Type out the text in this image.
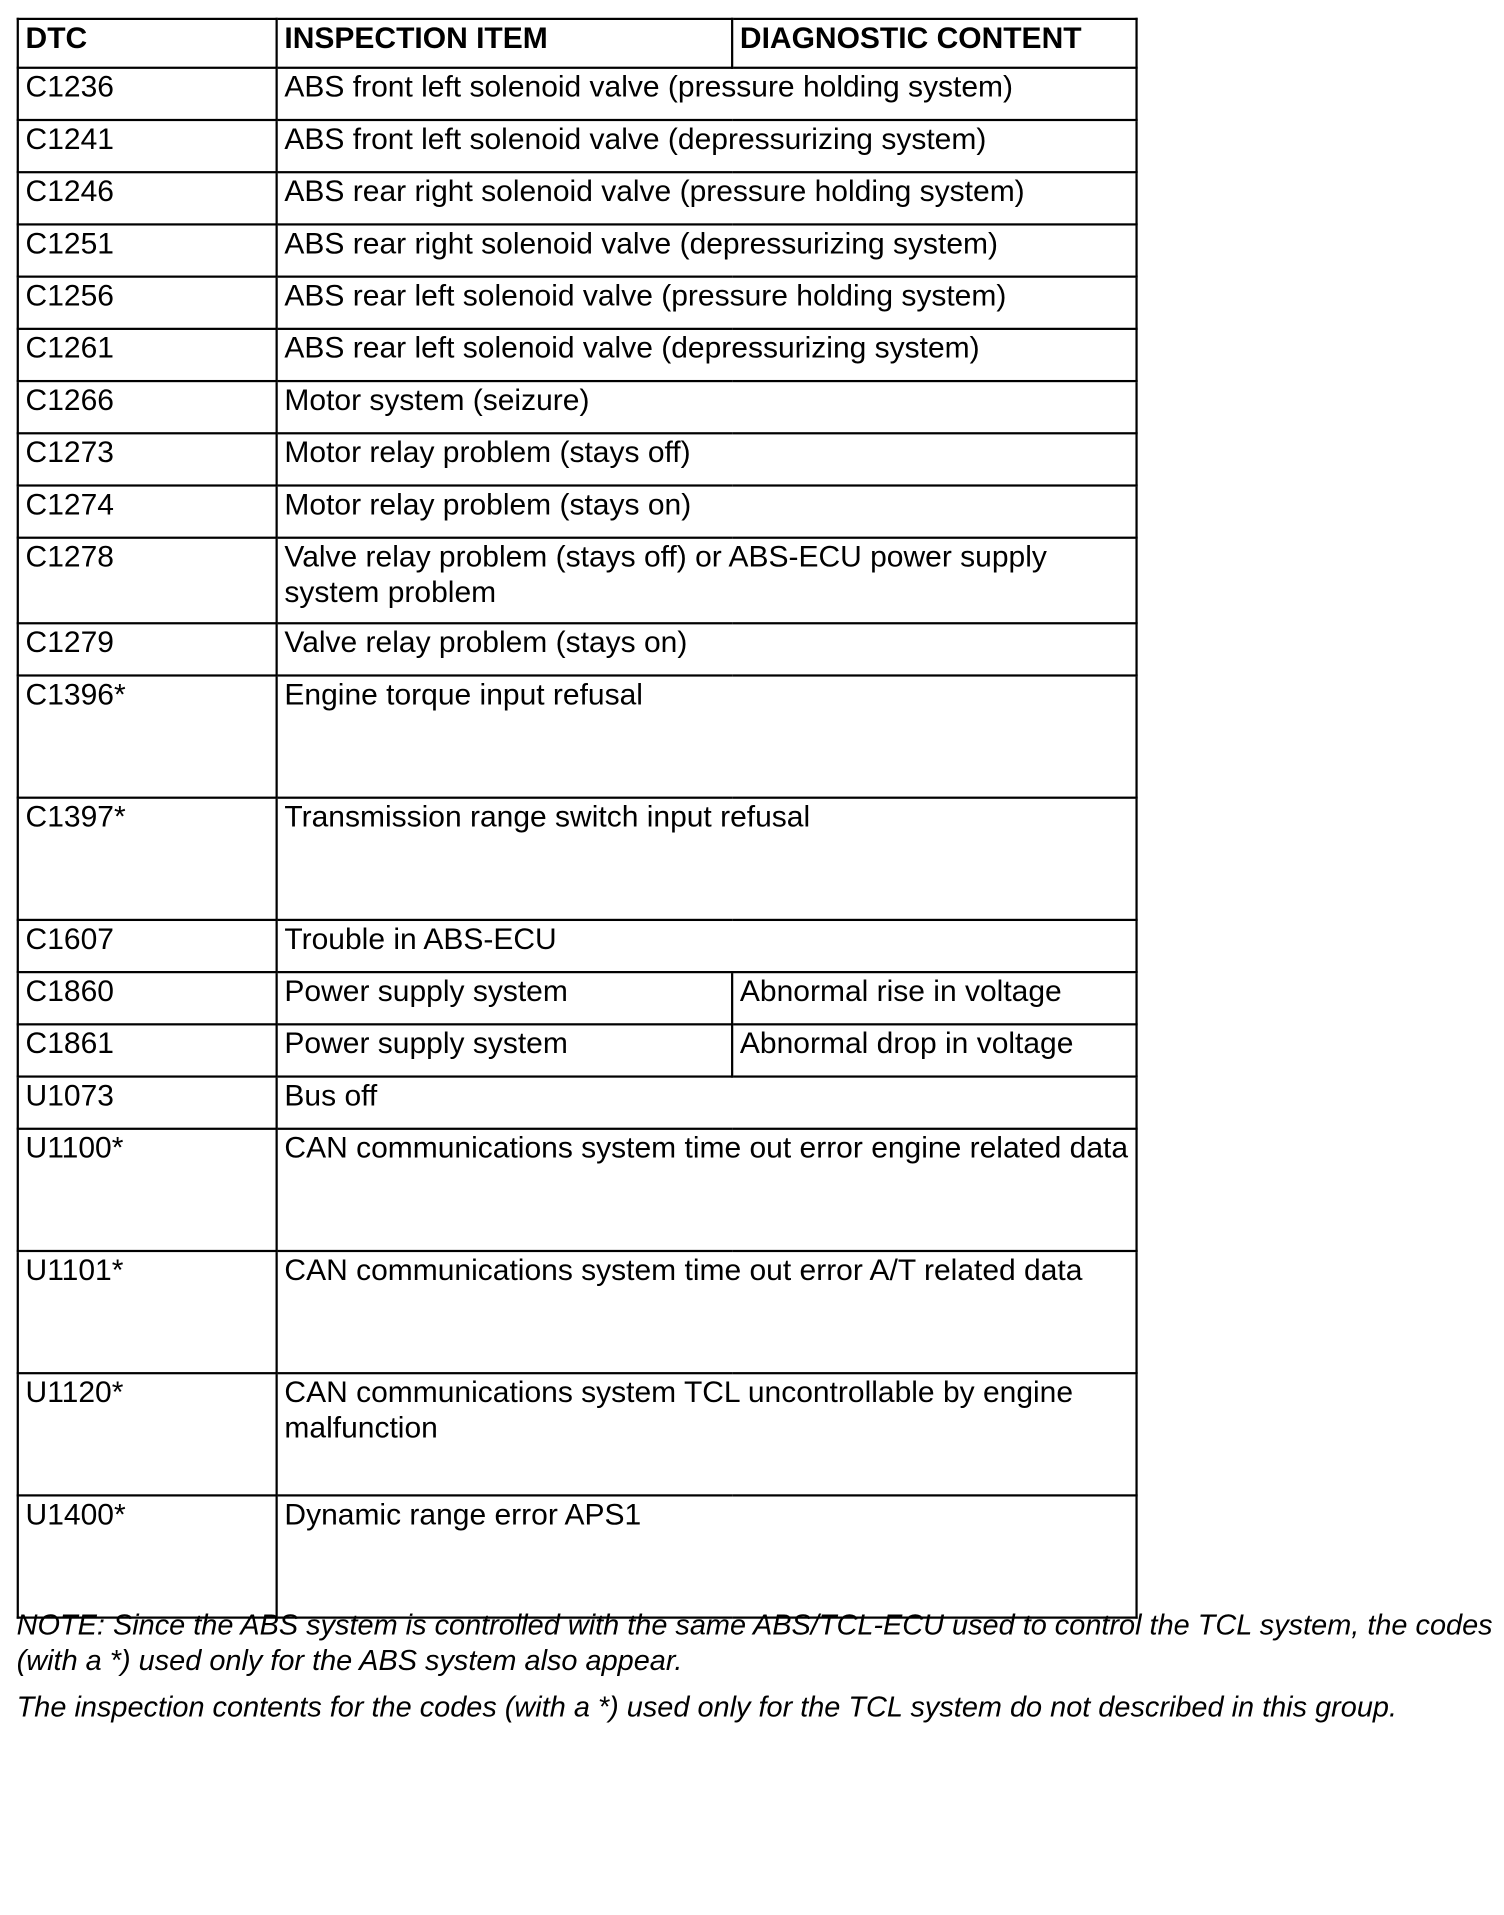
DTC	INSPECTION ITEM	DIAGNOSTIC CONTENT
C1236	ABS front left solenoid valve (pressure holding system)	
C1241	ABS front left solenoid valve (depressurizing system)	
C1246	ABS rear right solenoid valve (pressure holding system)	
C1251	ABS rear right solenoid valve (depressurizing system)	
C1256	ABS rear left solenoid valve (pressure holding system)	
C1261	ABS rear left solenoid valve (depressurizing system)	
C1266	Motor system (seizure)	
C1273	Motor relay problem (stays off)	
C1274	Motor relay problem (stays on)	
C1278	Valve relay problem (stays off) or ABS-ECU power supply system problem	
C1279	Valve relay problem (stays on)	
C1396*	Engine torque input refusal	
C1397*	Transmission range switch input refusal	
C1607	Trouble in ABS-ECU	
C1860	Power supply system	Abnormal rise in voltage
C1861	Power supply system	Abnormal drop in voltage
U1073	Bus off	
U1100*	CAN communications system time out error engine related data	
U1101*	CAN communications system time out error A/T related data	
U1120*	CAN communications system TCL uncontrollable by engine malfunction	
U1400*	Dynamic range error APS1	

NOTE: Since the ABS system is controlled with the same ABS/TCL-ECU used to control the TCL system, the codes (with a *) used only for the ABS system also appear.

The inspection contents for the codes (with a *) used only for the TCL system do not described in this group.
